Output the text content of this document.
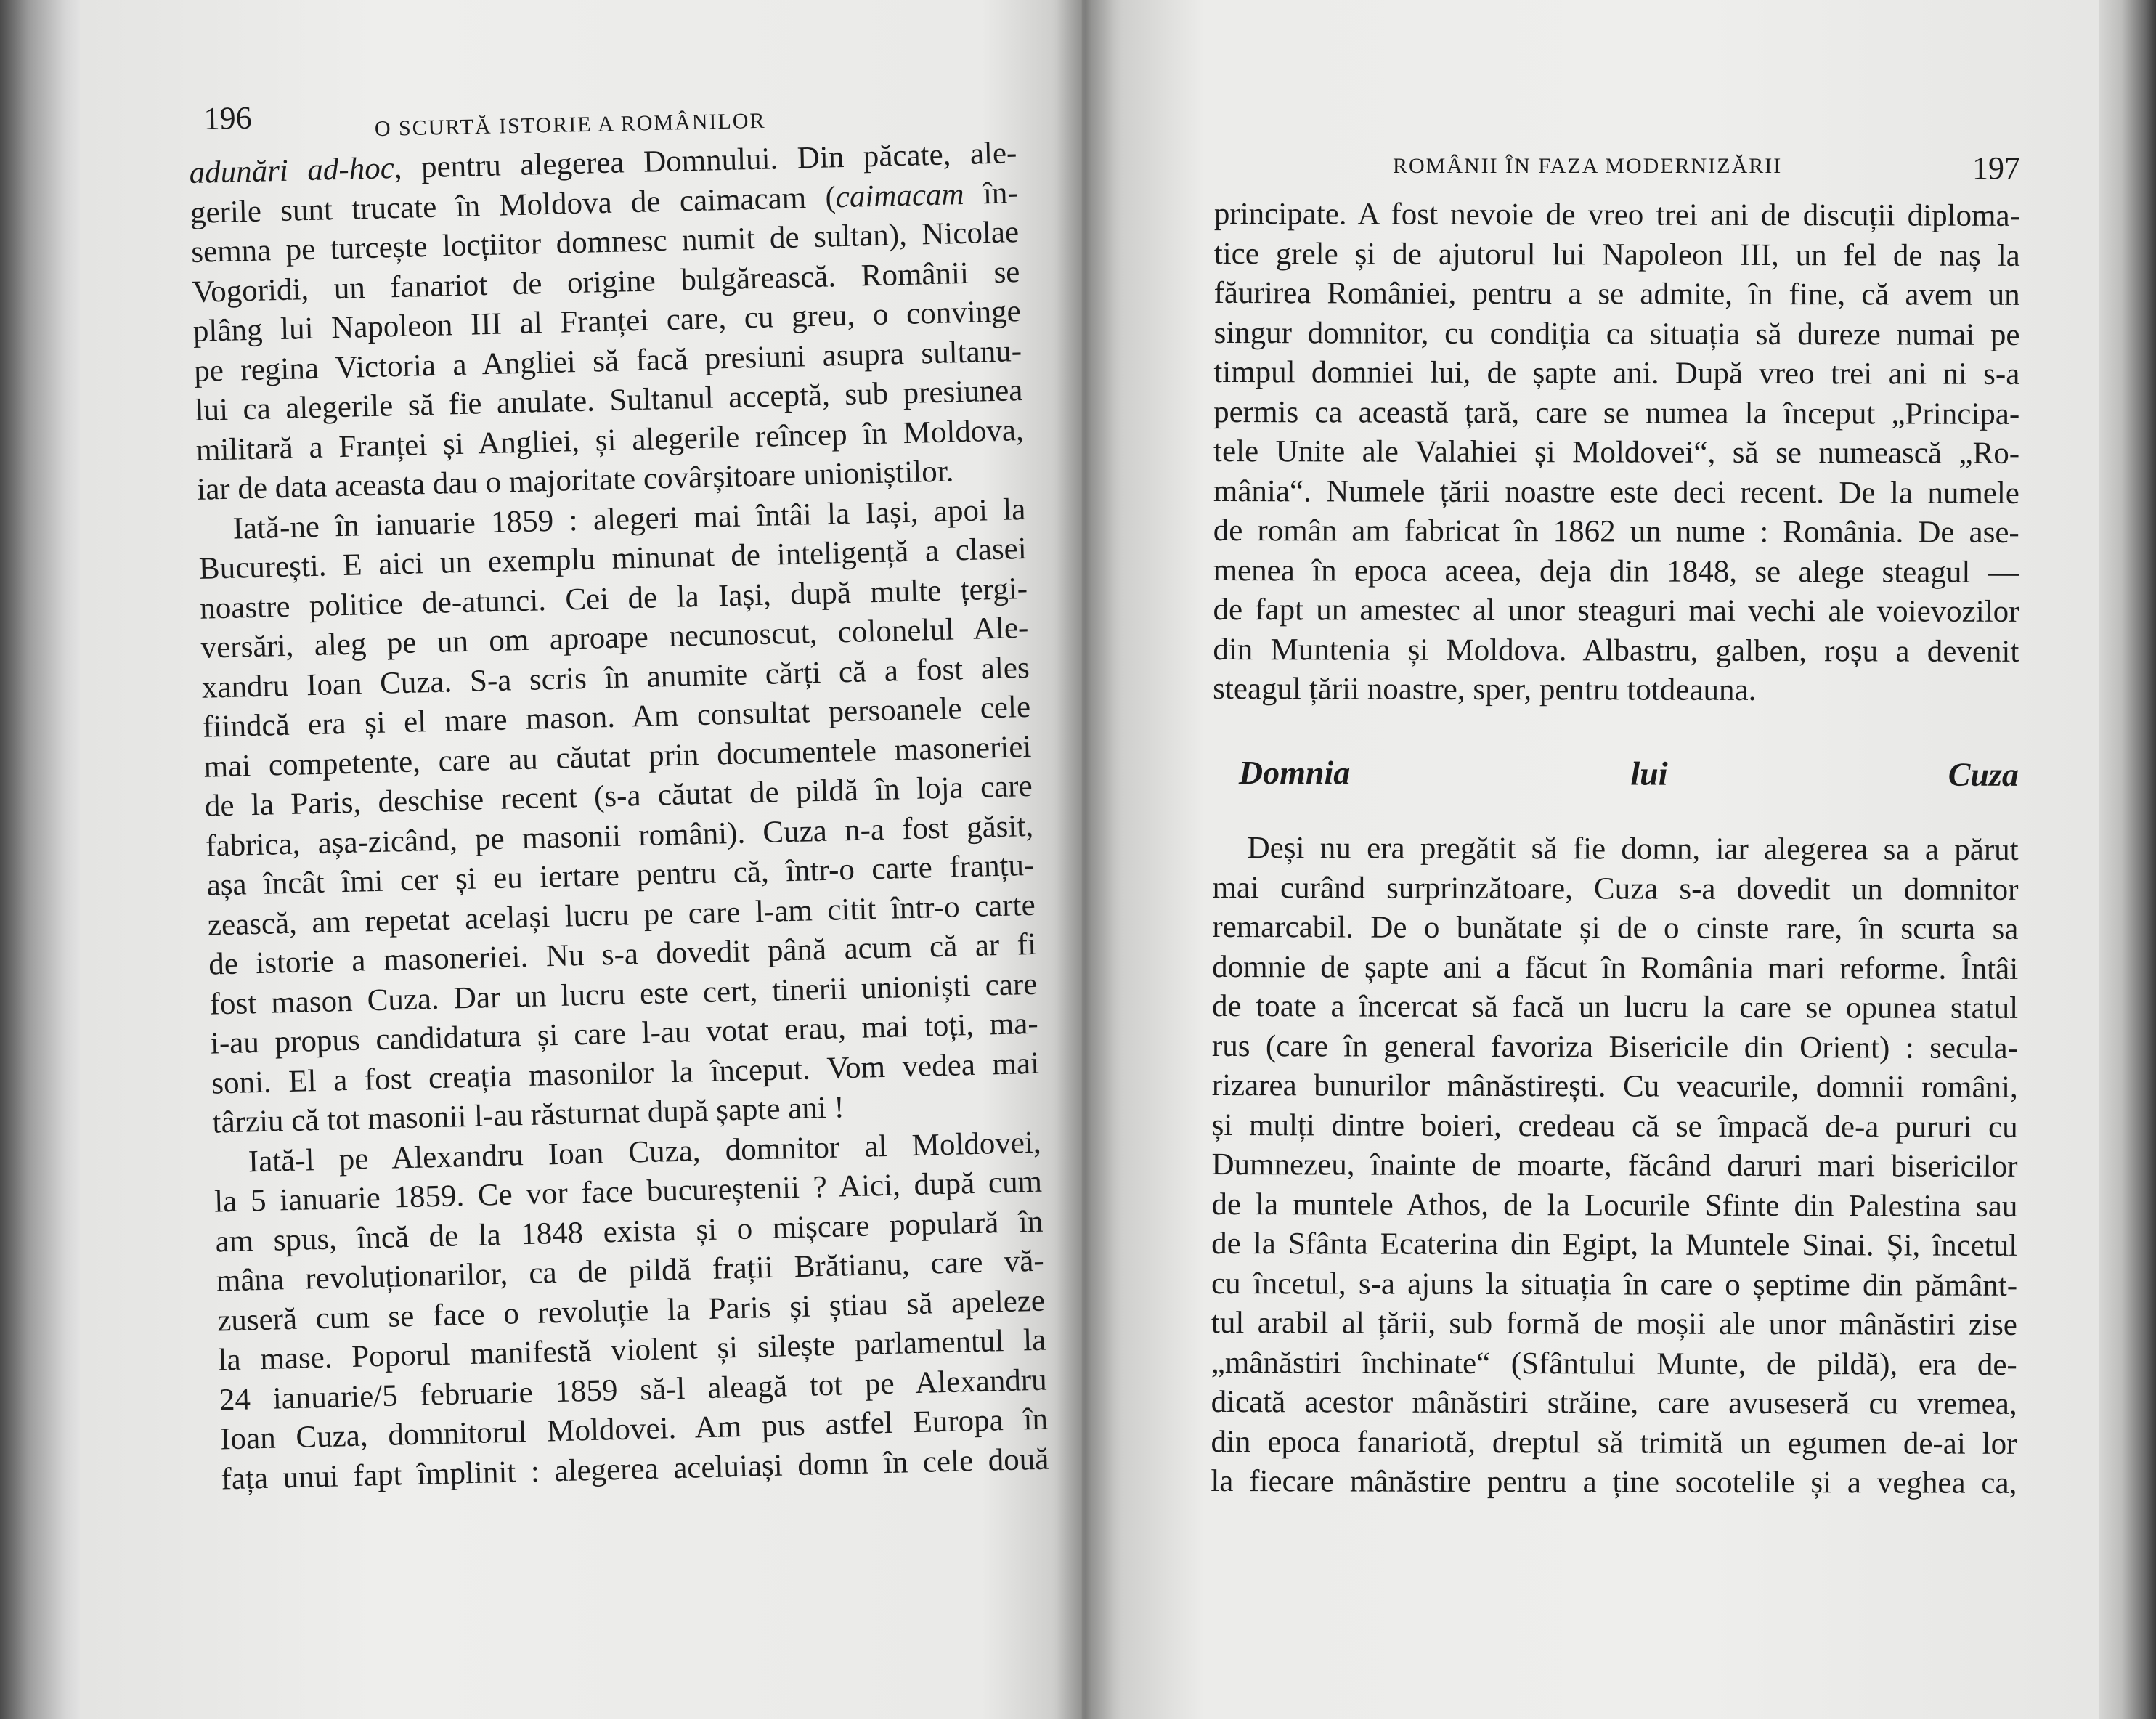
196	O SCURTĂ ISTORIE A ROMÂNILOR
ROMÂNII ÎN FAZA MODERNIZĂRII	197
adunări ad-hoc, pentru alegerea Domnului. Din păcate, ale-
gerile sunt trucate în Moldova de caimacam (caimacam în-
semna pe turcește locțiitor domnesc numit de sultan), Nicolae
Vogoridi, un fanariot de origine bulgărească. Românii se
plâng lui Napoleon III al Franței care, cu greu, o convinge
pe regina Victoria a Angliei să facă presiuni asupra sultanu-
lui ca alegerile să fie anulate. Sultanul acceptă, sub presiunea
militară a Franței și Angliei, și alegerile reîncep în Moldova,
iar de data aceasta dau o majoritate covârșitoare unioniștilor.
Iată-ne în ianuarie 1859 : alegeri mai întâi la Iași, apoi la
București. E aici un exemplu minunat de inteligență a clasei
noastre politice de-atunci. Cei de la Iași, după multe țergi-
versări, aleg pe un om aproape necunoscut, colonelul Ale-
xandru Ioan Cuza. S-a scris în anumite cărți că a fost ales
fiindcă era și el mare mason. Am consultat persoanele cele
mai competente, care au căutat prin documentele masoneriei
de la Paris, deschise recent (s-a căutat de pildă în loja care
fabrica, așa-zicând, pe masonii români). Cuza n-a fost găsit,
așa încât îmi cer și eu iertare pentru că, într-o carte franțu-
zească, am repetat același lucru pe care l-am citit într-o carte
de istorie a masoneriei. Nu s-a dovedit până acum că ar fi
fost mason Cuza. Dar un lucru este cert, tinerii unioniști care
i-au propus candidatura și care l-au votat erau, mai toți, ma-
soni. El a fost creația masonilor la început. Vom vedea mai
târziu că tot masonii l-au răsturnat după șapte ani !
Iată-l pe Alexandru Ioan Cuza, domnitor al Moldovei,
la 5 ianuarie 1859. Ce vor face bucureștenii ? Aici, după cum
am spus, încă de la 1848 exista și o mișcare populară în
mâna revoluționarilor, ca de pildă frații Brătianu, care vă-
zuseră cum se face o revoluție la Paris și știau să apeleze
la mase. Poporul manifestă violent și silește parlamentul la
24 ianuarie/5 februarie 1859 să-l aleagă tot pe Alexandru
Ioan Cuza, domnitorul Moldovei. Am pus astfel Europa în
fața unui fapt împlinit : alegerea aceluiași domn în cele două
principate. A fost nevoie de vreo trei ani de discuții diploma-
tice grele și de ajutorul lui Napoleon III, un fel de naș la
făurirea României, pentru a se admite, în fine, că avem un
singur domnitor, cu condiția ca situația să dureze numai pe
timpul domniei lui, de șapte ani. După vreo trei ani ni s-a
permis ca această țară, care se numea la început „Principa-
tele Unite ale Valahiei și Moldovei“, să se numească „Ro-
mânia“. Numele țării noastre este deci recent. De la numele
de român am fabricat în 1862 un nume : România. De ase-
menea în epoca aceea, deja din 1848, se alege steagul —
de fapt un amestec al unor steaguri mai vechi ale voievozilor
din Muntenia și Moldova. Albastru, galben, roșu a devenit
steagul țării noastre, sper, pentru totdeauna.
Domnia lui Cuza
Deși nu era pregătit să fie domn, iar alegerea sa a părut
mai curând surprinzătoare, Cuza s-a dovedit un domnitor
remarcabil. De o bunătate și de o cinste rare, în scurta sa
domnie de șapte ani a făcut în România mari reforme. Întâi
de toate a încercat să facă un lucru la care se opunea statul
rus (care în general favoriza Bisericile din Orient) : secula-
rizarea bunurilor mânăstirești. Cu veacurile, domnii români,
și mulți dintre boieri, credeau că se împacă de-a pururi cu
Dumnezeu, înainte de moarte, făcând daruri mari bisericilor
de la muntele Athos, de la Locurile Sfinte din Palestina sau
de la Sfânta Ecaterina din Egipt, la Muntele Sinai. Și, încetul
cu încetul, s-a ajuns la situația în care o șeptime din pământ-
tul arabil al țării, sub formă de moșii ale unor mânăstiri zise
„mânăstiri închinate“ (Sfântului Munte, de pildă), era de-
dicată acestor mânăstiri străine, care avuseseră cu vremea,
din epoca fanariotă, dreptul să trimită un egumen de-ai lor
la fiecare mânăstire pentru a ține socotelile și a veghea ca,
